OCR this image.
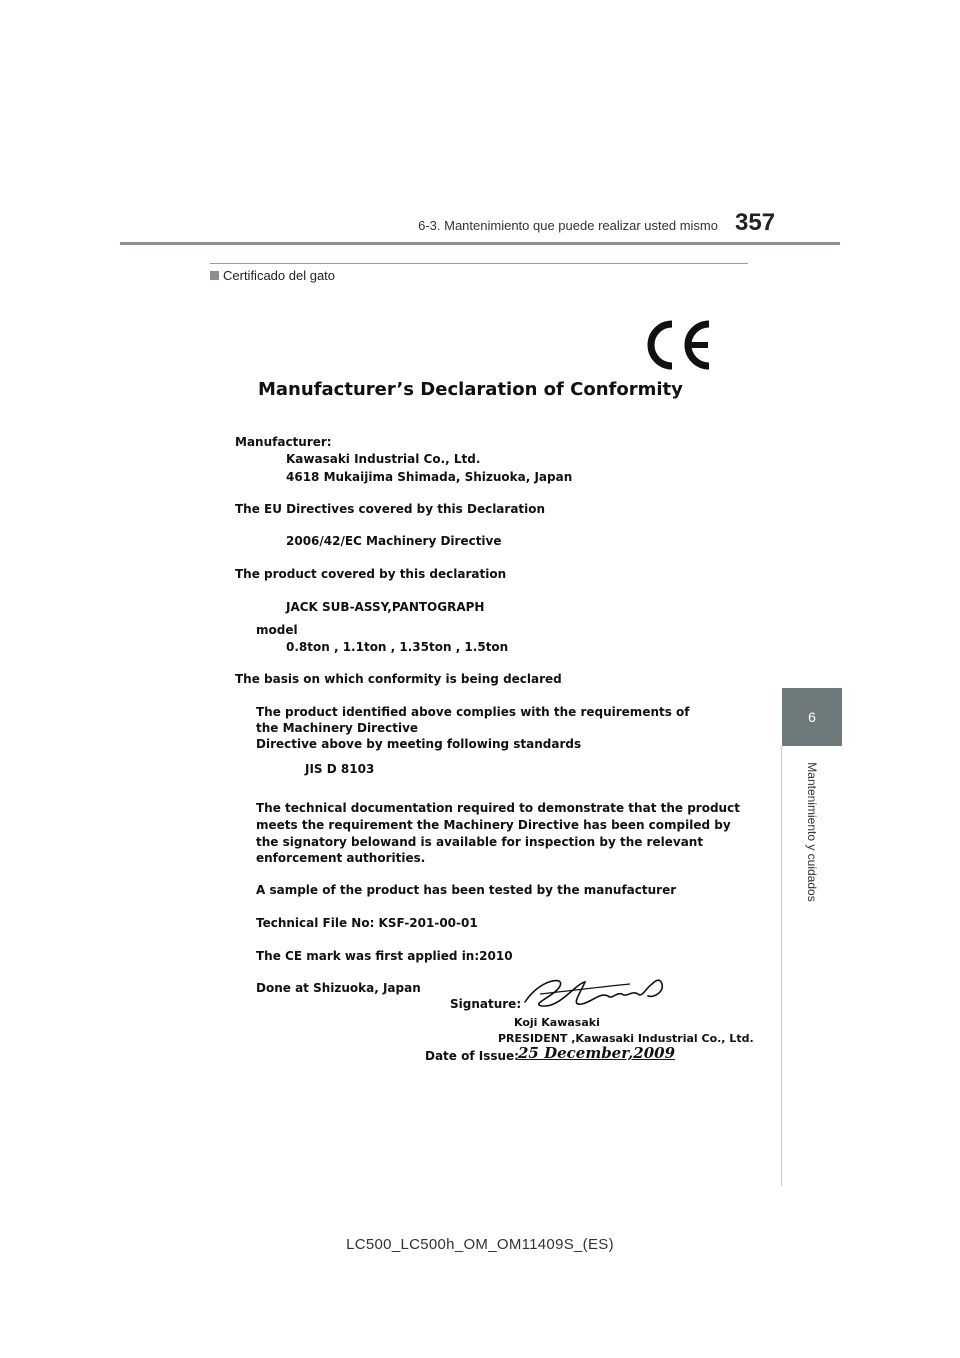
6-3. Mantenimiento que puede realizar usted mismo 357
6
Mantenimiento y cuidados
Certificado del gato
Manufacturer’s Declaration of Conformity
Manufacturer:
Kawasaki Industrial Co., Ltd.
4618 Mukaijima Shimada, Shizuoka, Japan
The EU Directives covered by this Declaration
2006/42/EC Machinery Directive
The product covered by this declaration
JACK SUB-ASSY,PANTOGRAPH
model
0.8ton , 1.1ton , 1.35ton , 1.5ton
The basis on which conformity is being declared
The product identified above complies with the requirements of
the Machinery Directive
Directive above by meeting following standards
JIS D 8103
The technical documentation required to demonstrate that the product
meets the requirement the Machinery Directive has been compiled by
the signatory belowand is available for inspection by the relevant
enforcement authorities.
A sample of the product has been tested by the manufacturer
Technical File No: KSF-201-00-01
The CE mark was first applied in:2010
Done at Shizuoka, Japan
Signature:
Koji Kawasaki
PRESIDENT ,Kawasaki Industrial Co., Ltd.
Date of Issue: 25 December,2009
LC500_LC500h_OM_OM11409S_(ES)
